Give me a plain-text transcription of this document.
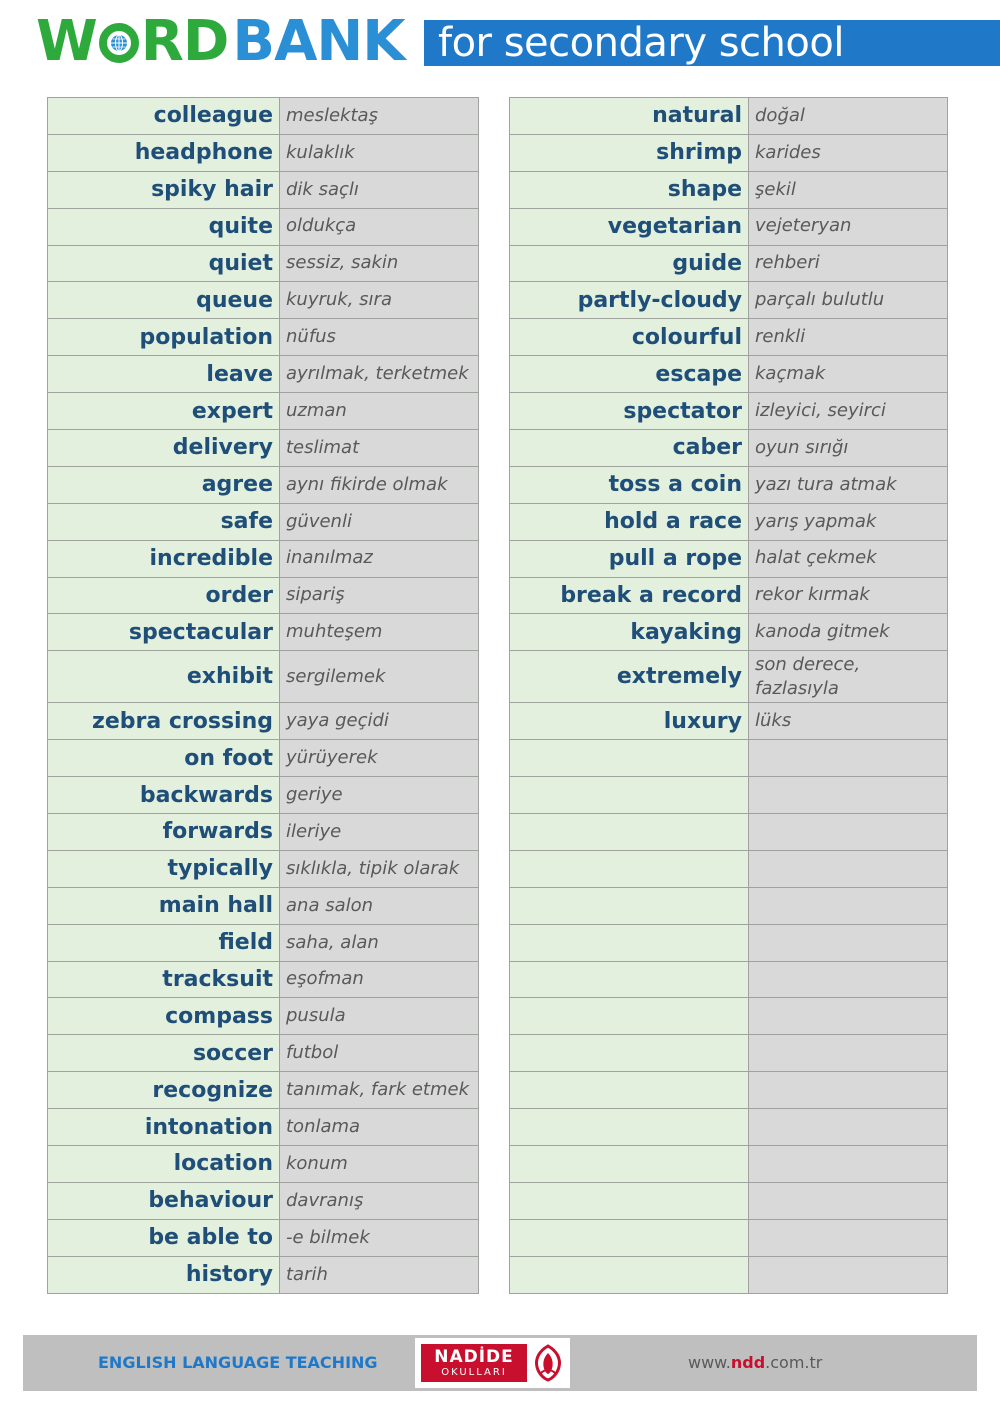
W RD BANK for secondary school
colleague	meslektaş
headphone	kulaklık
spiky hair	dik saçlı
quite	oldukça
quiet	sessiz, sakin
queue	kuyruk, sıra
population	nüfus
leave	ayrılmak, terketmek
expert	uzman
delivery	teslimat
agree	aynı fikirde olmak
safe	güvenli
incredible	inanılmaz
order	sipariş
spectacular	muhteşem
exhibit	sergilemek
zebra crossing	yaya geçidi
on foot	yürüyerek
backwards	geriye
forwards	ileriye
typically	sıklıkla, tipik olarak
main hall	ana salon
field	saha, alan
tracksuit	eşofman
compass	pusula
soccer	futbol
recognize	tanımak, fark etmek
intonation	tonlama
location	konum
behaviour	davranış
be able to	-e bilmek
history	tarih
natural	doğal
shrimp	karides
shape	şekil
vegetarian	vejeteryan
guide	rehberi
partly-cloudy	parçalı bulutlu
colourful	renkli
escape	kaçmak
spectator	izleyici, seyirci
caber	oyun sırığı
toss a coin	yazı tura atmak
hold a race	yarış yapmak
pull a rope	halat çekmek
break a record	rekor kırmak
kayaking	kanoda gitmek
extremely	son derece, fazlasıyla
luxury	lüks

ENGLISH LANGUAGE TEACHING	NADİDE
OKULLARI
www.ndd.com.tr
